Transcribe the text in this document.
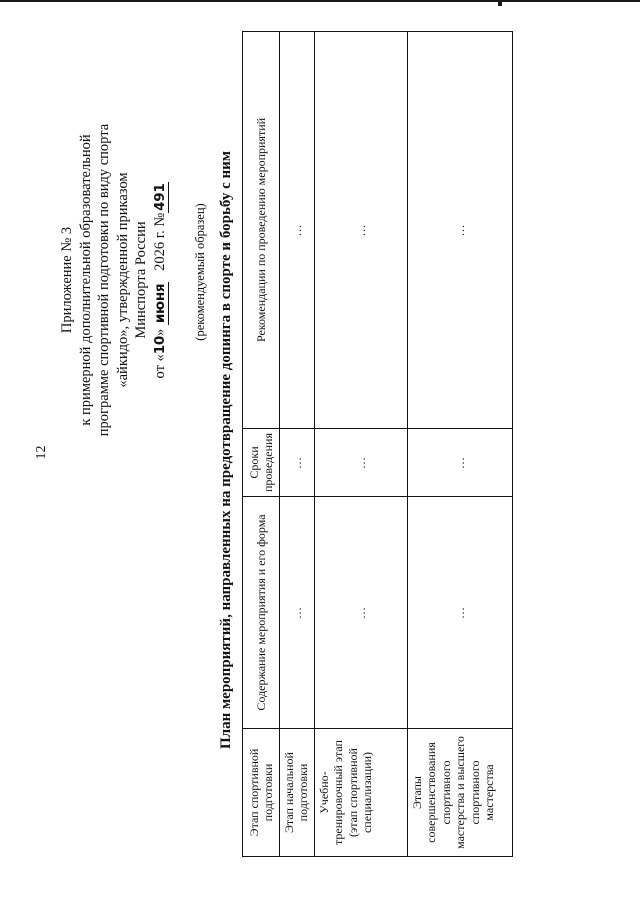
12
Приложение № 3 к примерной дополнительной образовательной программе спортивной подготовки по виду спорта «айкидо», утвержденной приказом Минспорта России
от «10» июня   2026 г. №491
(рекомендуемый образец) План мероприятий, направленных на предотвращение допинга в спорте и борьбу с ним
Этап спортивной подготовки	Содержание мероприятия и его форма	Сроки проведения	Рекомендации по проведению мероприятий
Этап начальной подготовки	…	…	…
Учебно-тренировочный этап (этап спортивной специализации)	…	…	…
Этапы совершенствования спортивного мастерства и высшего спортивного мастерства	…	…	…
